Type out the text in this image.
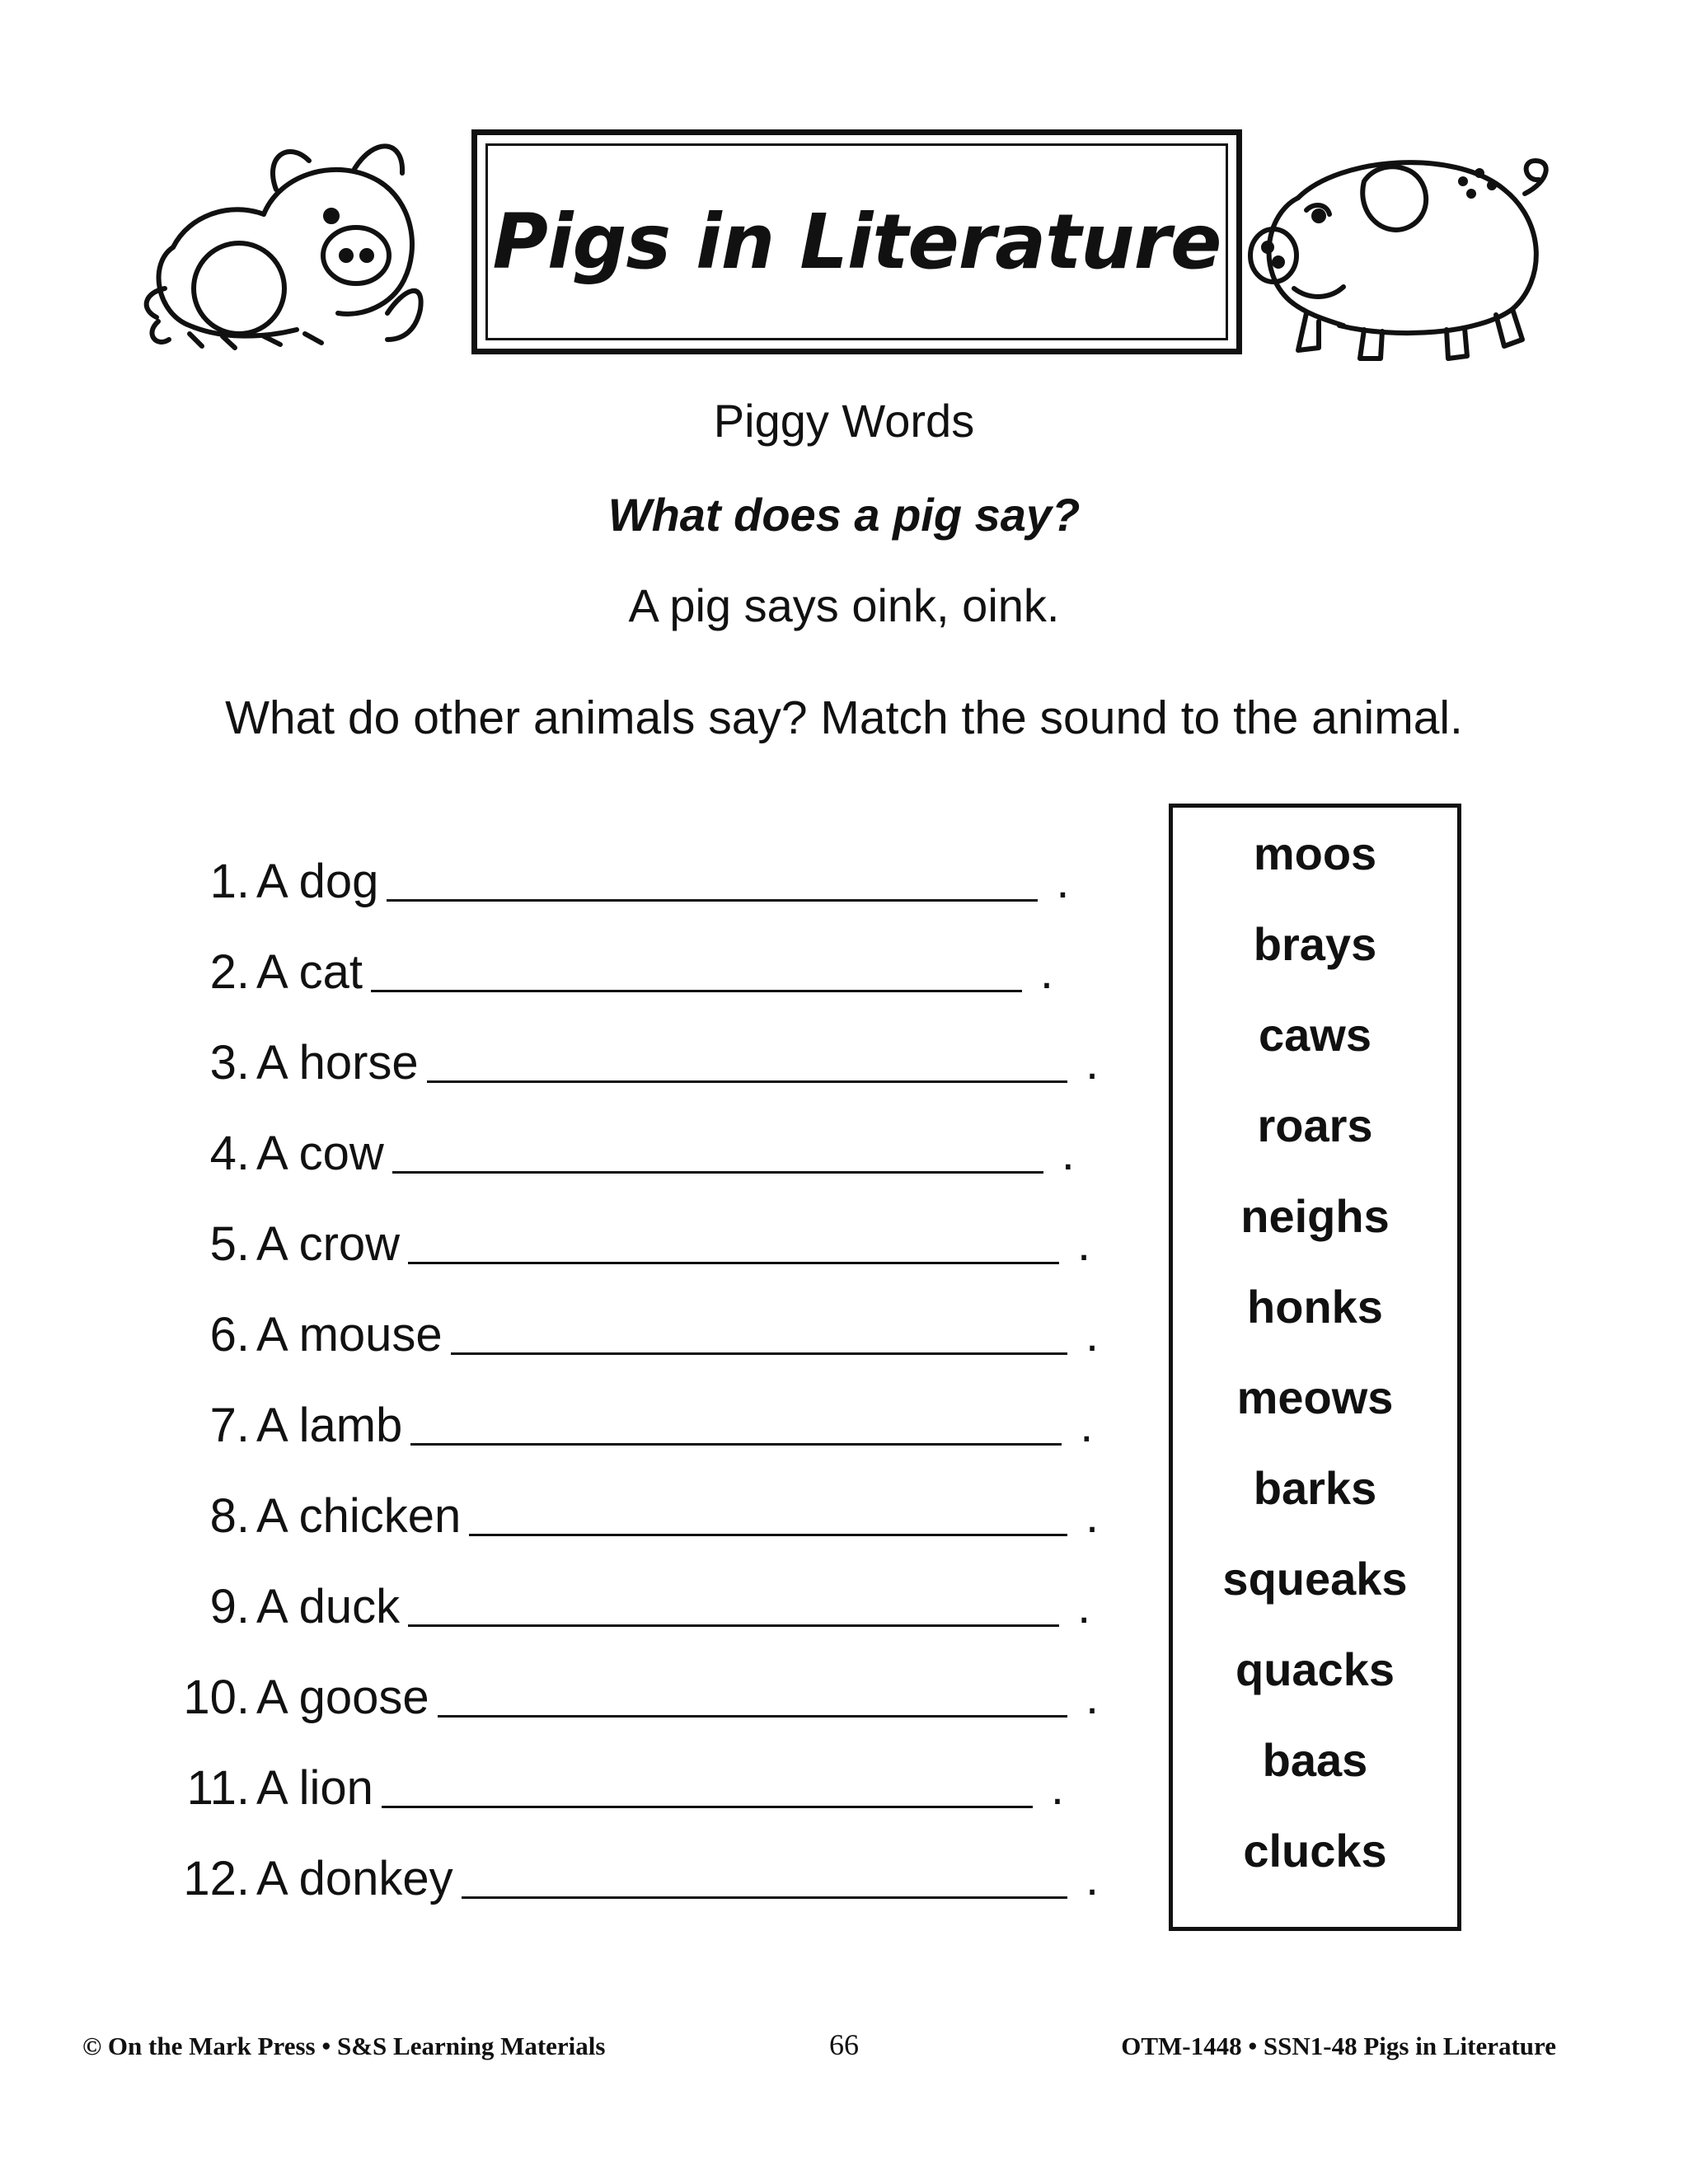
Pigs in Literature

Piggy Words

What does a pig say?

A pig says oink, oink.

What do other animals say? Match the sound to the animal.

1. A dog	.
2. A cat	.
3. A horse	.
4. A cow	.
5. A crow	.
6. A mouse	.
7. A lamb	.
8. A chicken	.
9. A duck	.
10. A goose	.
11. A lion	.
12. A donkey	.
moos
brays
caws
roars
neighs
honks
meows
barks
squeaks
quacks
baas
clucks
© On the Mark Press • S&S Learning Materials	66	OTM-1448 • SSN1-48 Pigs in Literature
